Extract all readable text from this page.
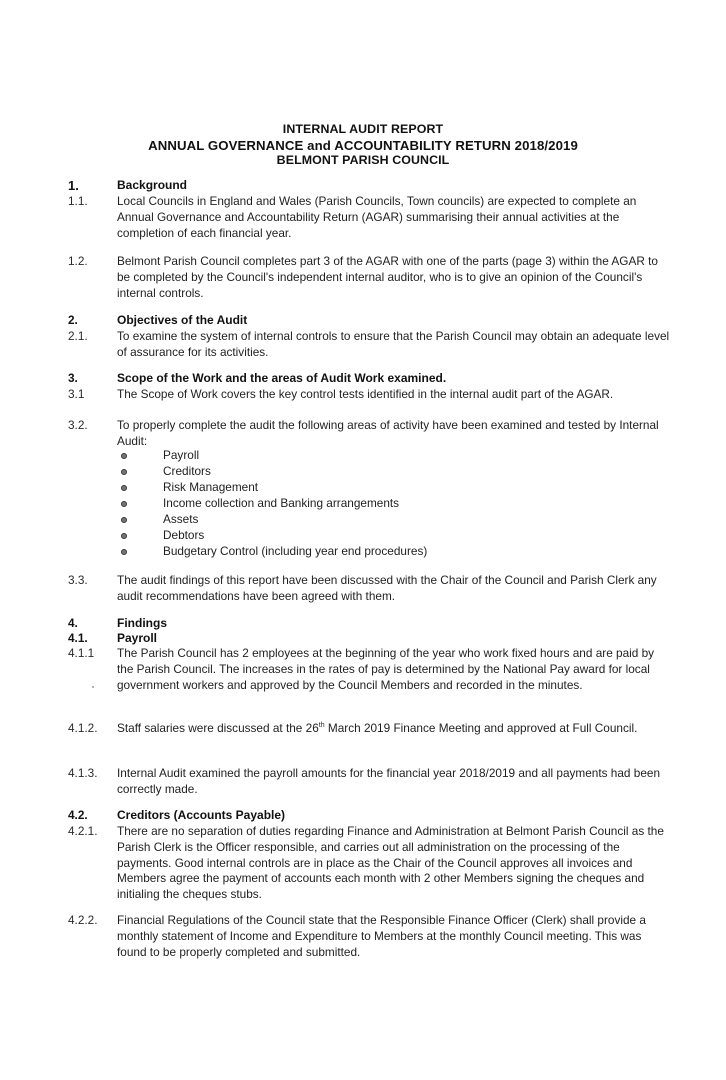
INTERNAL AUDIT REPORT
ANNUAL GOVERNANCE and ACCOUNTABILITY RETURN 2018/2019
BELMONT PARISH COUNCIL
1.	Background
1.1. Local Councils in England and Wales (Parish Councils, Town councils) are expected to complete an Annual Governance and Accountability Return (AGAR) summarising their annual activities at the completion of each financial year.
1.2. Belmont Parish Council completes part 3 of the AGAR with one of the parts (page 3) within the AGAR to be completed by the Council's independent internal auditor, who is to give an opinion of the Council's internal controls.
2.	Objectives of the Audit
2.1. To examine the system of internal controls to ensure that the Parish Council may obtain an adequate level of assurance for its activities.
3.	Scope of the Work and the areas of Audit Work examined.
3.1	The Scope of Work covers the key control tests identified in the internal audit part of the AGAR.
3.2. To properly complete the audit the following areas of activity have been examined and tested by Internal Audit:
Payroll
Creditors
Risk Management
Income collection and Banking arrangements
Assets
Debtors
Budgetary Control (including year end procedures)
3.3. The audit findings of this report have been discussed with the Chair of the Council and Parish Clerk any audit recommendations have been agreed with them.
4.	Findings
4.1. Payroll
4.1.1 The Parish Council has 2 employees at the beginning of the year who work fixed hours and are paid by the Parish Council. The increases in the rates of pay is determined by the National Pay award for local government workers and approved by the Council Members and recorded in the minutes.
4.1.2. Staff salaries were discussed at the 26th March 2019 Finance Meeting and approved at Full Council.
4.1.3. Internal Audit examined the payroll amounts for the financial year 2018/2019 and all payments had been correctly made.
4.2. Creditors (Accounts Payable)
4.2.1. There are no separation of duties regarding Finance and Administration at Belmont Parish Council as the Parish Clerk is the Officer responsible, and carries out all administration on the processing of the payments. Good internal controls are in place as the Chair of the Council approves all invoices and Members agree the payment of accounts each month with 2 other Members signing the cheques and initialing the cheques stubs.
4.2.2. Financial Regulations of the Council state that the Responsible Finance Officer (Clerk) shall provide a monthly statement of Income and Expenditure to Members at the monthly Council meeting. This was found to be properly completed and submitted.
